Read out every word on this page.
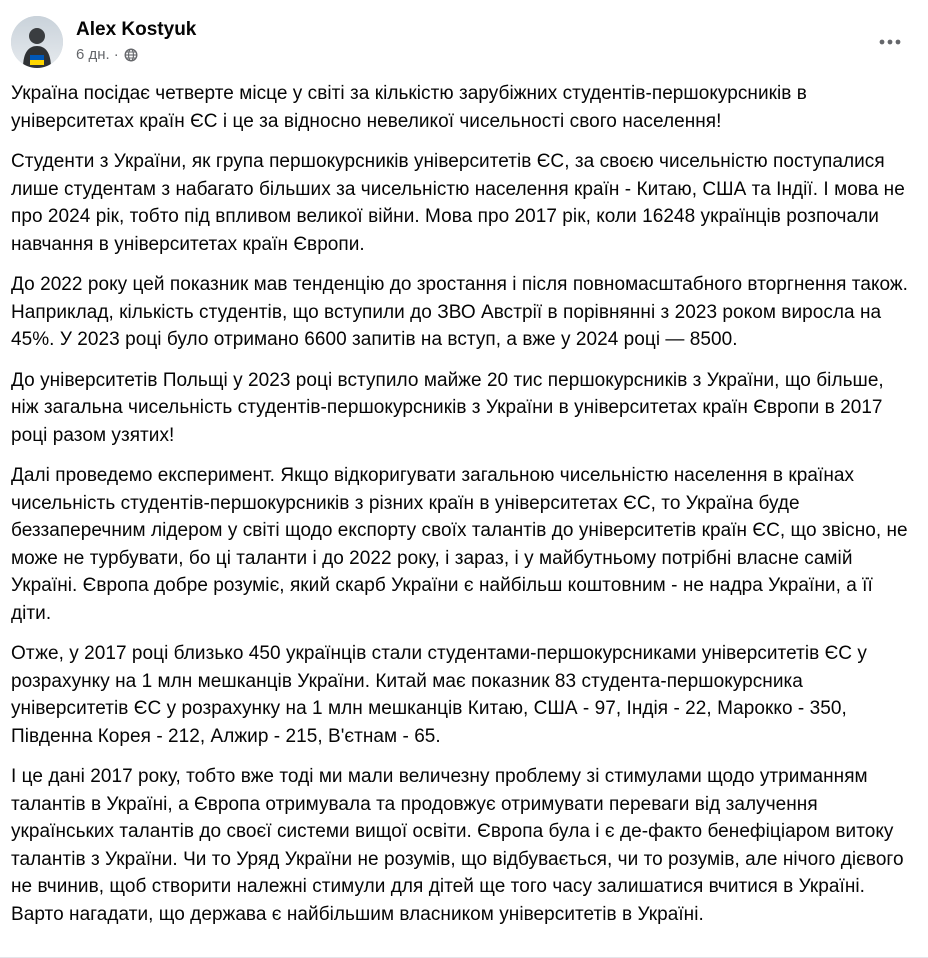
Alex Kostyuk
6 дн. ·

Україна посідає четверте місце у світі за кількістю зарубіжних студентів-першокурсників в університетах країн ЄС і це за відносно невеликої чисельності свого населення!

Студенти з України, як група першокурсників університетів ЄС, за своєю чисельністю поступалися лише студентам з набагато більших за чисельністю населення країн - Китаю, США та Індії. І мова не про 2024 рік, тобто під впливом великої війни. Мова про 2017 рік, коли 16248 українців розпочали навчання в університетах країн Європи.

До 2022 року цей показник мав тенденцію до зростання і після повномасштабного вторгнення також. Наприклад, кількість студентів, що вступили до ЗВО Австрії в порівнянні з 2023 роком виросла на 45%. У 2023 році було отримано 6600 запитів на вступ, а вже у 2024 році — 8500.

До університетів Польщі у 2023 році вступило майже 20 тис першокурсників з України, що більше, ніж загальна чисельність студентів-першокурсників з України в університетах країн Європи в 2017 році разом узятих!

Далі проведемо експеримент. Якщо відкоригувати загальною чисельністю населення в країнах чисельність студентів-першокурсників з різних країн в університетах ЄС, то Україна буде беззаперечним лідером у світі щодо експорту своїх талантів до університетів країн ЄС, що звісно, не може не турбувати, бо ці таланти і до 2022 року, і зараз, і у майбутньому потрібні власне самій Україні. Європа добре розуміє, який скарб України є найбільш коштовним - не надра України, а її діти.

Отже, у 2017 році близько 450 українців стали студентами-першокурсниками університетів ЄС у розрахунку на 1 млн мешканців України. Китай має показник 83 студента-першокурсника університетів ЄС у розрахунку на 1 млн мешканців Китаю, США - 97, Індія - 22, Марокко - 350, Південна Корея - 212, Алжир - 215, В'єтнам - 65.

І це дані 2017 року, тобто вже тоді ми мали величезну проблему зі стимулами щодо утриманням талантів в Україні, а Європа отримувала та продовжує отримувати переваги від залучення українських талантів до своєї системи вищої освіти. Європа була і є де-факто бенефіціаром витоку талантів з України. Чи то Уряд України не розумів, що відбувається, чи то розумів, але нічого дієвого не вчинив, щоб створити належні стимули для дітей ще того часу залишатися вчитися в Україні. Варто нагадати, що держава є найбільшим власником університетів в Україні.
